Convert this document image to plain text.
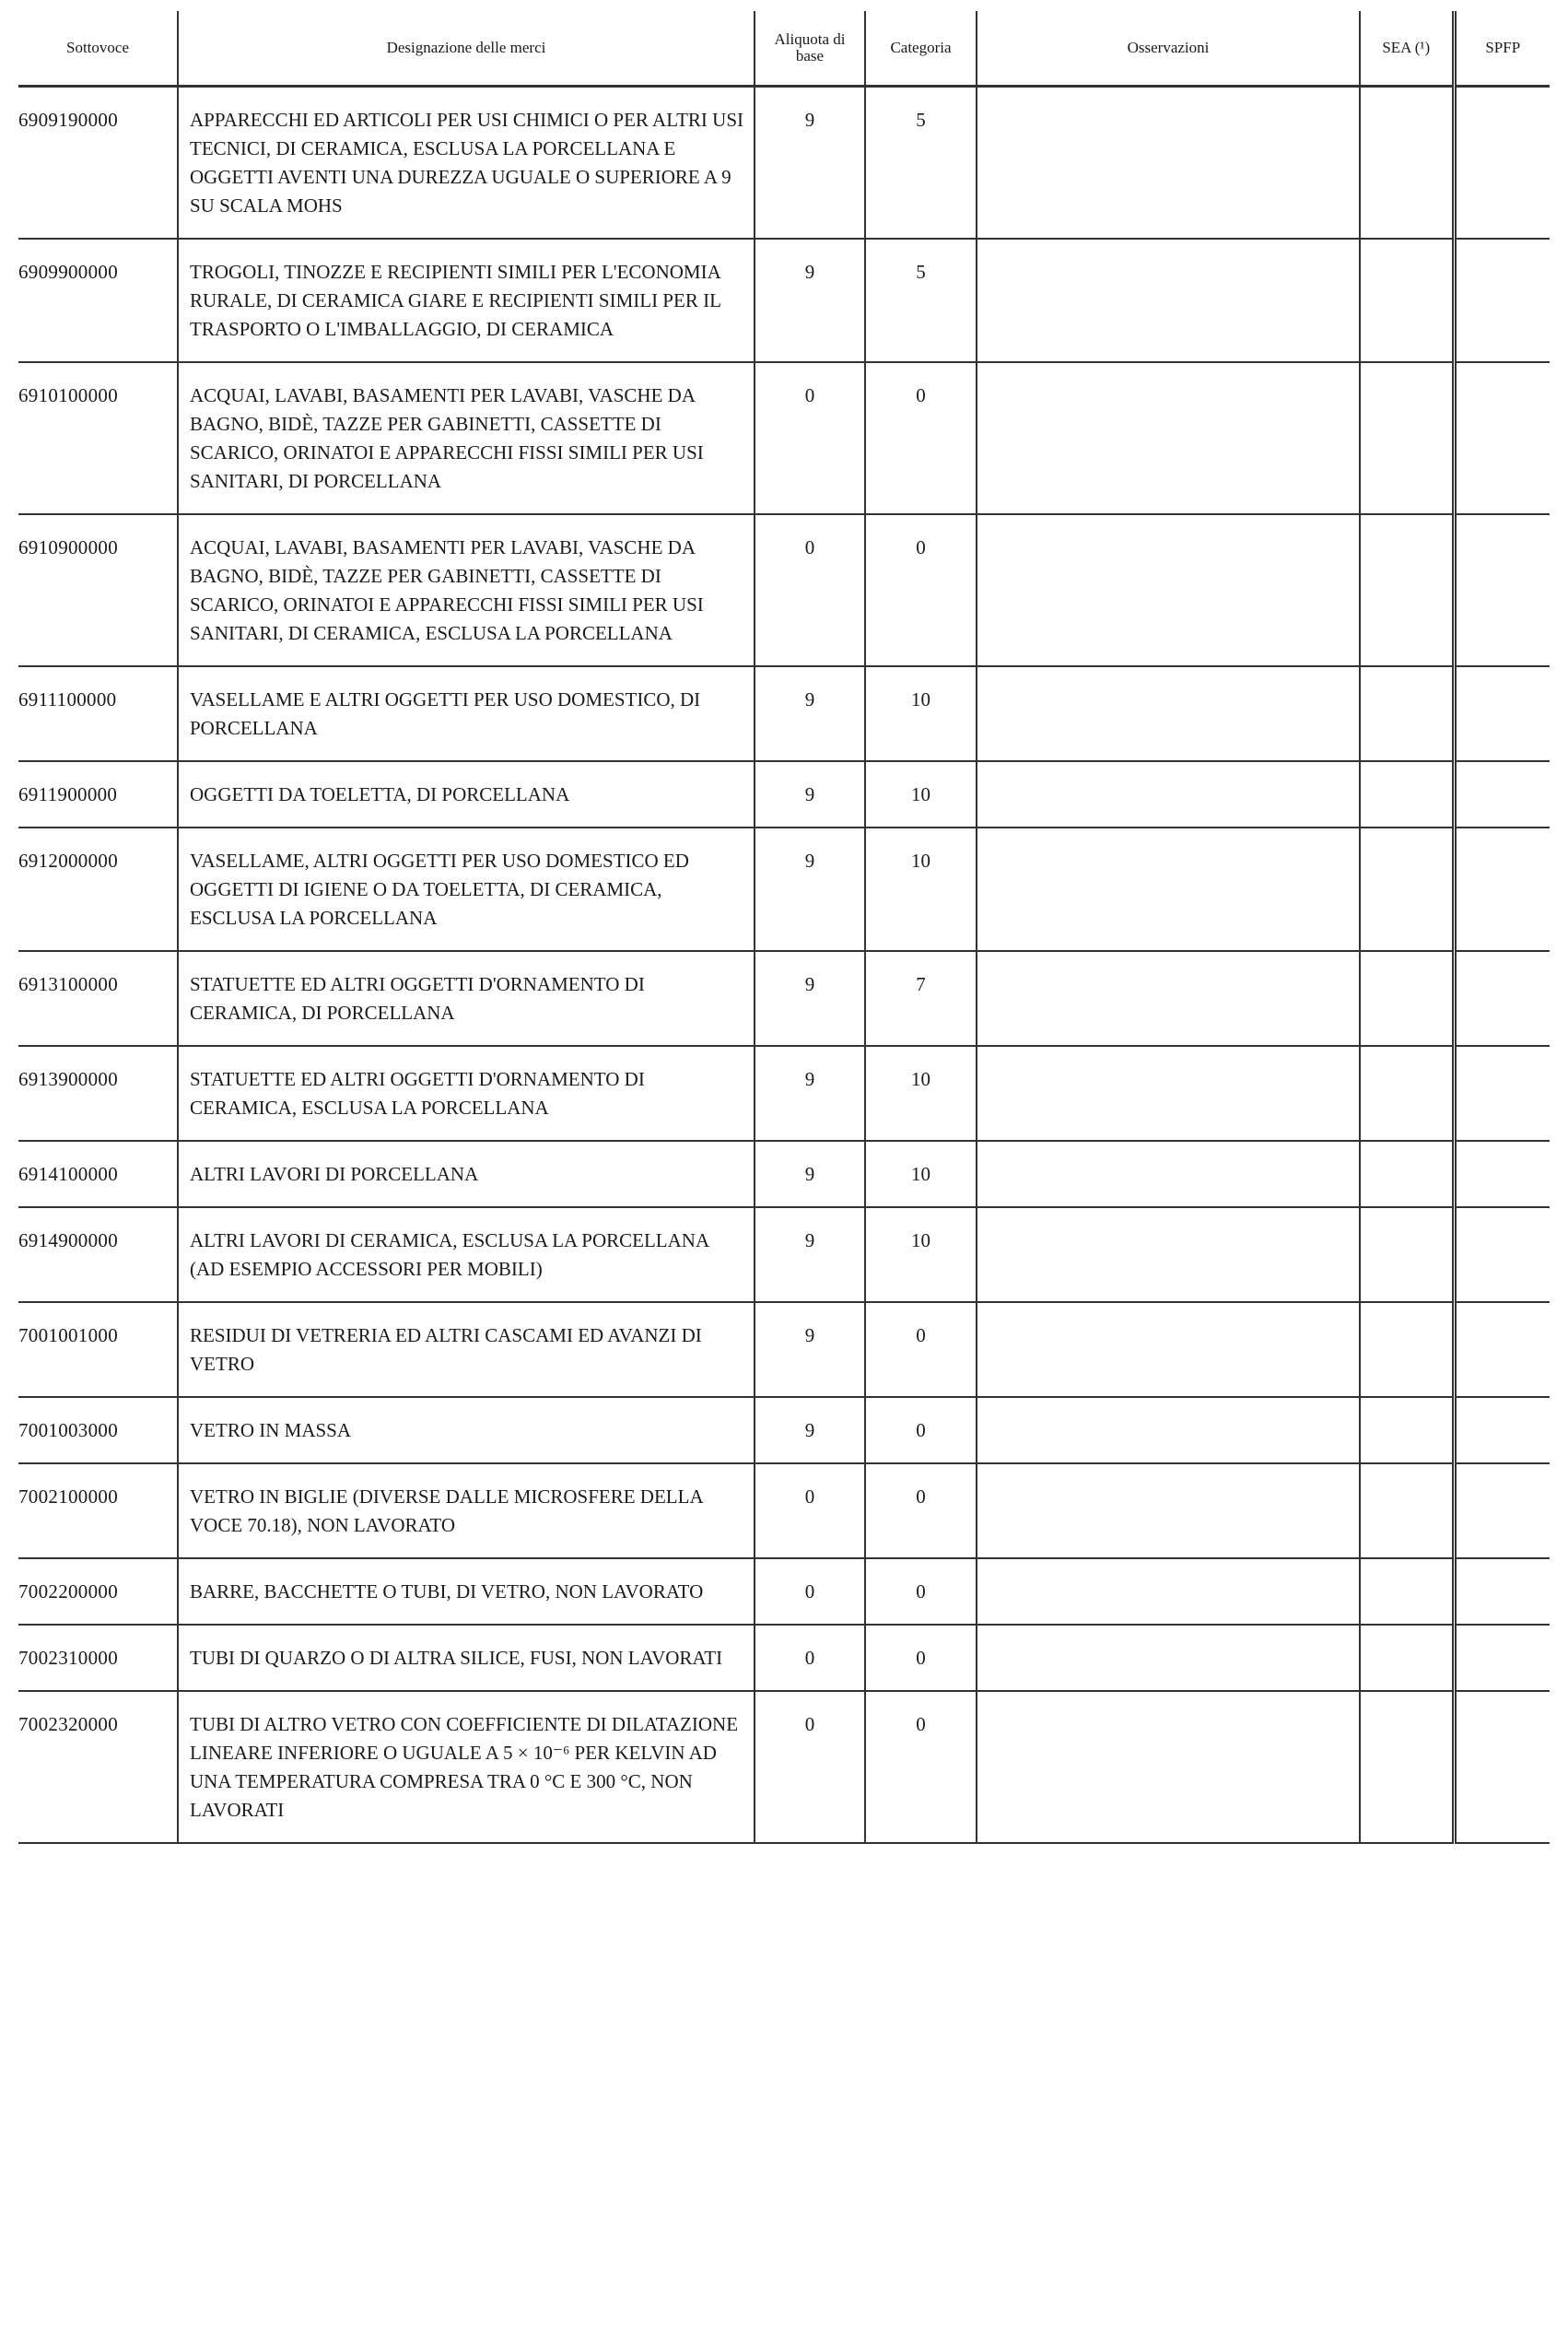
Sottovoce	Designazione delle merci	Aliquota di base	Categoria	Osservazioni	SEA (¹)	SPFP
6909190000	APPARECCHI ED ARTICOLI PER USI CHIMICI O PER ALTRI USI TECNICI, DI CERAMICA, ESCLUSA LA PORCELLANA E OGGETTI AVENTI UNA DUREZZA UGUALE O SUPERIORE A 9 SU SCALA MOHS	9	5			
6909900000	TROGOLI, TINOZZE E RECIPIENTI SIMILI PER L'ECONOMIA RURALE, DI CERAMICA GIARE E RECIPIENTI SIMILI PER IL TRASPORTO O L'IMBALLAGGIO, DI CERAMICA	9	5			
6910100000	ACQUAI, LAVABI, BASAMENTI PER LAVABI, VASCHE DA BAGNO, BIDÈ, TAZZE PER GABINETTI, CASSETTE DI SCARICO, ORINATOI E APPARECCHI FISSI SIMILI PER USI SANITARI, DI PORCELLANA	0	0			
6910900000	ACQUAI, LAVABI, BASAMENTI PER LAVABI, VASCHE DA BAGNO, BIDÈ, TAZZE PER GABINETTI, CASSETTE DI SCARICO, ORINATOI E APPARECCHI FISSI SIMILI PER USI SANITARI, DI CERAMICA, ESCLUSA LA PORCELLANA	0	0			
6911100000	VASELLAME E ALTRI OGGETTI PER USO DOMESTICO, DI PORCELLANA	9	10			
6911900000	OGGETTI DA TOELETTA, DI PORCELLANA	9	10			
6912000000	VASELLAME, ALTRI OGGETTI PER USO DOMESTICO ED OGGETTI DI IGIENE O DA TOELETTA, DI CERAMICA, ESCLUSA LA PORCELLANA	9	10			
6913100000	STATUETTE ED ALTRI OGGETTI D'ORNAMENTO DI CERAMICA, DI PORCELLANA	9	7			
6913900000	STATUETTE ED ALTRI OGGETTI D'ORNAMENTO DI CERAMICA, ESCLUSA LA PORCELLANA	9	10			
6914100000	ALTRI LAVORI DI PORCELLANA	9	10			
6914900000	ALTRI LAVORI DI CERAMICA, ESCLUSA LA PORCELLANA (AD ESEMPIO ACCESSORI PER MOBILI)	9	10			
7001001000	RESIDUI DI VETRERIA ED ALTRI CASCAMI ED AVANZI DI VETRO	9	0			
7001003000	VETRO IN MASSA	9	0			
7002100000	VETRO IN BIGLIE (DIVERSE DALLE MICROSFERE DELLA VOCE 70.18), NON LAVORATO	0	0			
7002200000	BARRE, BACCHETTE O TUBI, DI VETRO, NON LAVORATO	0	0			
7002310000	TUBI DI QUARZO O DI ALTRA SILICE, FUSI, NON LAVORATI	0	0			
7002320000	TUBI DI ALTRO VETRO CON COEFFICIENTE DI DILATAZIONE LINEARE INFERIORE O UGUALE A 5 × 10⁻⁶ PER KELVIN AD UNA TEMPERATURA COMPRESA TRA 0 °C E 300 °C, NON LAVORATI	0	0			
